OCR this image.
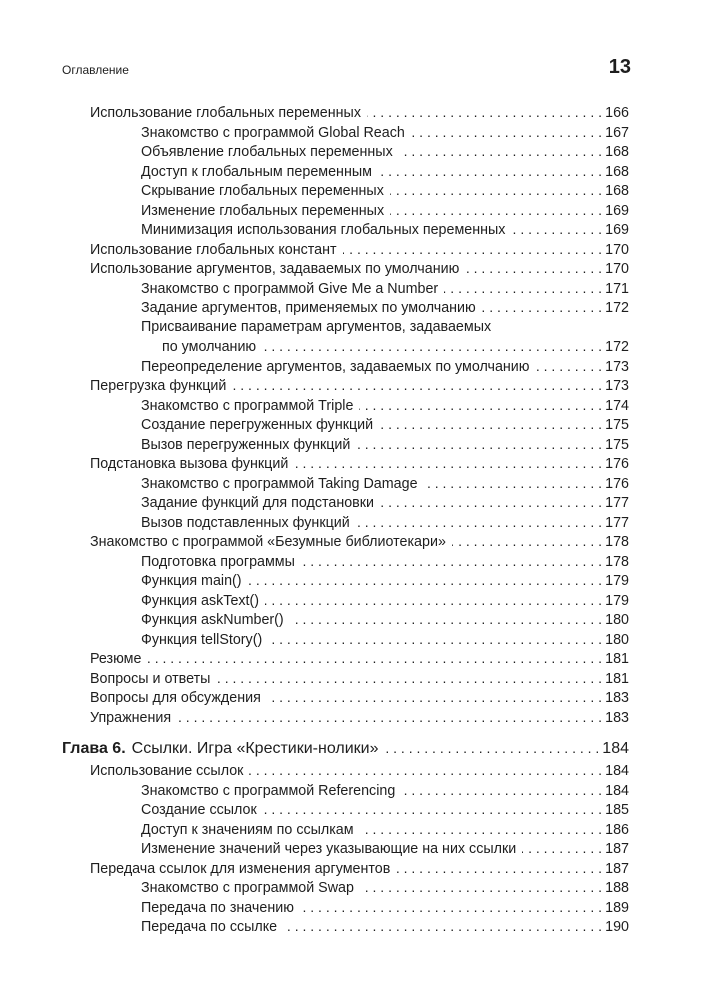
Оглавление	13
Использование глобальных переменных . . .	166
Знакомство с программой Global Reach . . .	167
Объявление глобальных переменных . . .	168
Доступ к глобальным переменным . . .	168
Скрывание глобальных переменных . . .	168
Изменение глобальных переменных . . .	169
Минимизация использования глобальных переменных . . .	169
Использование глобальных констант . . .	170
Использование аргументов, задаваемых по умолчанию . . .	170
Знакомство с программой Give Me a Number . . .	171
Задание аргументов, применяемых по умолчанию . . .	172
Присваивание параметрам аргументов, задаваемых
по умолчанию . . .	172
Переопределение аргументов, задаваемых по умолчанию . . .	173
Перегрузка функций . . .	173
Знакомство с программой Triple . . .	174
Создание перегруженных функций . . .	175
Вызов перегруженных функций . . .	175
Подстановка вызова функций . . .	176
Знакомство с программой Taking Damage . . .	176
Задание функций для подстановки . . .	177
Вызов подставленных функций . . .	177
Знакомство с программой «Безумные библиотекари» . . .	178
Подготовка программы . . .	178
Функция main() . . .	179
Функция askText() . . .	179
Функция askNumber() . . .	180
Функция tellStory() . . .	180
Резюме . . .	181
Вопросы и ответы . . .	181
Вопросы для обсуждения . . .	183
Упражнения . . .	183
Глава 6. Ссылки. Игра «Крестики-нолики» . . .	184
Использование ссылок . . .	184
Знакомство с программой Referencing . . .	184
Создание ссылок . . .	185
Доступ к значениям по ссылкам . . .	186
Изменение значений через указывающие на них ссылки . . .	187
Передача ссылок для изменения аргументов . . .	187
Знакомство с программой Swap . . .	188
Передача по значению . . .	189
Передача по ссылке . . .	190
